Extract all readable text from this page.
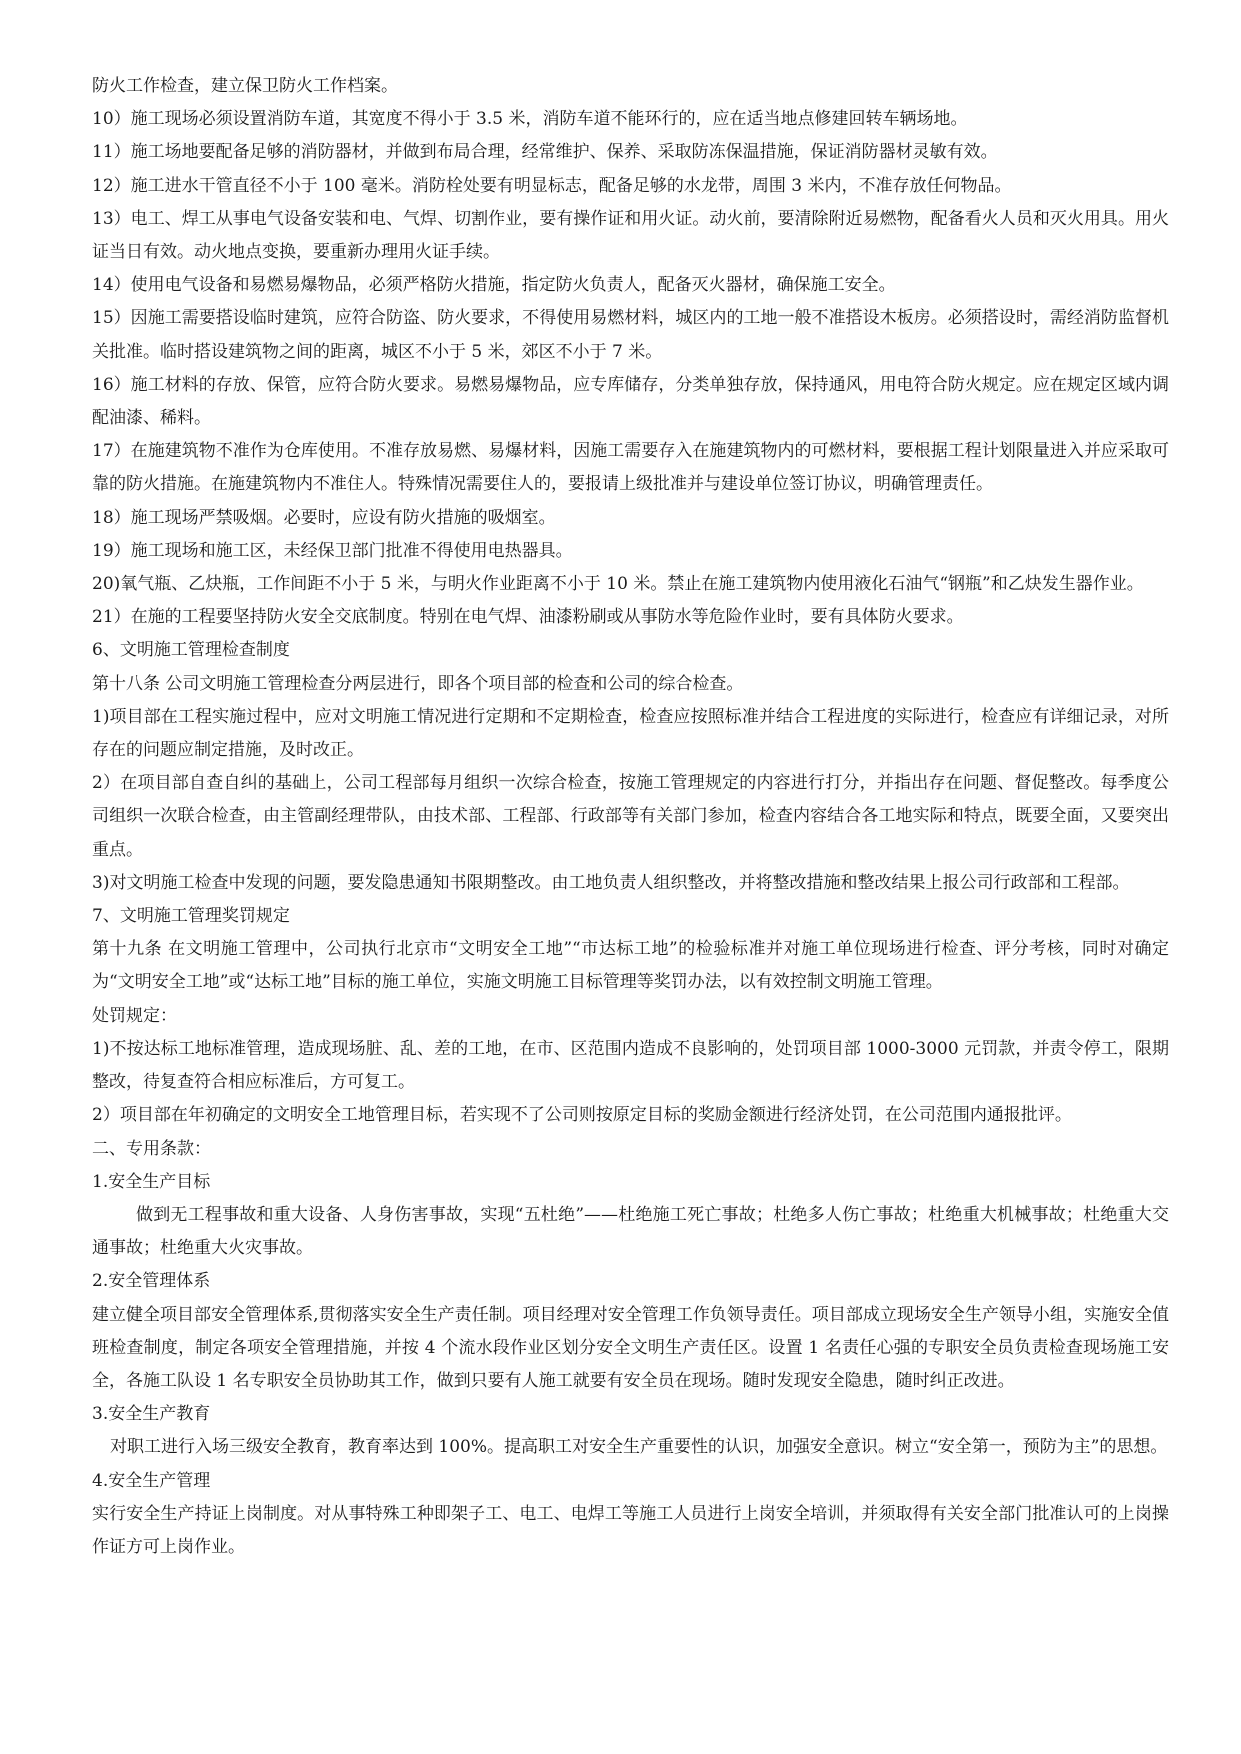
防火工作检查，建立保卫防火工作档案。

10）施工现场必须设置消防车道，其宽度不得小于 3.5 米，消防车道不能环行的，应在适当地点修建回转车辆场地。

11）施工场地要配备足够的消防器材，并做到布局合理，经常维护、保养、采取防冻保温措施，保证消防器材灵敏有效。

12）施工进水干管直径不小于 100 毫米。消防栓处要有明显标志，配备足够的水龙带，周围 3 米内，不准存放任何物品。

13）电工、焊工从事电气设备安装和电、气焊、切割作业，要有操作证和用火证。动火前，要清除附近易燃物，配备看火人员和灭火用具。用火证当日有效。动火地点变换，要重新办理用火证手续。

14）使用电气设备和易燃易爆物品，必须严格防火措施，指定防火负责人，配备灭火器材，确保施工安全。

15）因施工需要搭设临时建筑，应符合防盗、防火要求，不得使用易燃材料，城区内的工地一般不准搭设木板房。必须搭设时，需经消防监督机关批准。临时搭设建筑物之间的距离，城区不小于 5 米，郊区不小于 7 米。

16）施工材料的存放、保管，应符合防火要求。易燃易爆物品，应专库储存，分类单独存放，保持通风，用电符合防火规定。应在规定区域内调配油漆、稀料。

17）在施建筑物不准作为仓库使用。不准存放易燃、易爆材料，因施工需要存入在施建筑物内的可燃材料，要根据工程计划限量进入并应采取可靠的防火措施。在施建筑物内不准住人。特殊情况需要住人的，要报请上级批准并与建设单位签订协议，明确管理责任。

18）施工现场严禁吸烟。必要时，应设有防火措施的吸烟室。

19）施工现场和施工区，未经保卫部门批准不得使用电热器具。

20)氧气瓶、乙炔瓶，工作间距不小于 5 米，与明火作业距离不小于 10 米。禁止在施工建筑物内使用液化石油气“钢瓶”和乙炔发生器作业。

21）在施的工程要坚持防火安全交底制度。特别在电气焊、油漆粉刷或从事防水等危险作业时，要有具体防火要求。

6、文明施工管理检查制度

第十八条 公司文明施工管理检查分两层进行，即各个项目部的检查和公司的综合检查。

1)项目部在工程实施过程中，应对文明施工情况进行定期和不定期检查，检查应按照标准并结合工程进度的实际进行，检查应有详细记录，对所存在的问题应制定措施，及时改正。

2）在项目部自查自纠的基础上，公司工程部每月组织一次综合检查，按施工管理规定的内容进行打分，并指出存在问题、督促整改。每季度公司组织一次联合检查，由主管副经理带队，由技术部、工程部、行政部等有关部门参加，检查内容结合各工地实际和特点，既要全面，又要突出重点。

3)对文明施工检查中发现的问题，要发隐患通知书限期整改。由工地负责人组织整改，并将整改措施和整改结果上报公司行政部和工程部。

7、文明施工管理奖罚规定

第十九条 在文明施工管理中，公司执行北京市“文明安全工地”“市达标工地”的检验标准并对施工单位现场进行检查、评分考核，同时对确定为“文明安全工地”或“达标工地”目标的施工单位，实施文明施工目标管理等奖罚办法，以有效控制文明施工管理。

处罚规定：

1)不按达标工地标准管理，造成现场脏、乱、差的工地，在市、区范围内造成不良影响的，处罚项目部 1000-3000 元罚款，并责令停工，限期整改，待复查符合相应标准后，方可复工。

2）项目部在年初确定的文明安全工地管理目标，若实现不了公司则按原定目标的奖励金额进行经济处罚，在公司范围内通报批评。

二、专用条款：

1.安全生产目标

做到无工程事故和重大设备、人身伤害事故，实现“五杜绝”——杜绝施工死亡事故；杜绝多人伤亡事故；杜绝重大机械事故；杜绝重大交通事故；杜绝重大火灾事故。

2.安全管理体系

建立健全项目部安全管理体系,贯彻落实安全生产责任制。项目经理对安全管理工作负领导责任。项目部成立现场安全生产领导小组，实施安全值班检查制度，制定各项安全管理措施，并按 4 个流水段作业区划分安全文明生产责任区。设置 1 名责任心强的专职安全员负责检查现场施工安全，各施工队设 1 名专职安全员协助其工作，做到只要有人施工就要有安全员在现场。随时发现安全隐患，随时纠正改进。

3.安全生产教育

对职工进行入场三级安全教育，教育率达到 100%。提高职工对安全生产重要性的认识，加强安全意识。树立“安全第一，预防为主”的思想。

4.安全生产管理

实行安全生产持证上岗制度。对从事特殊工种即架子工、电工、电焊工等施工人员进行上岗安全培训，并须取得有关安全部门批准认可的上岗操作证方可上岗作业。
